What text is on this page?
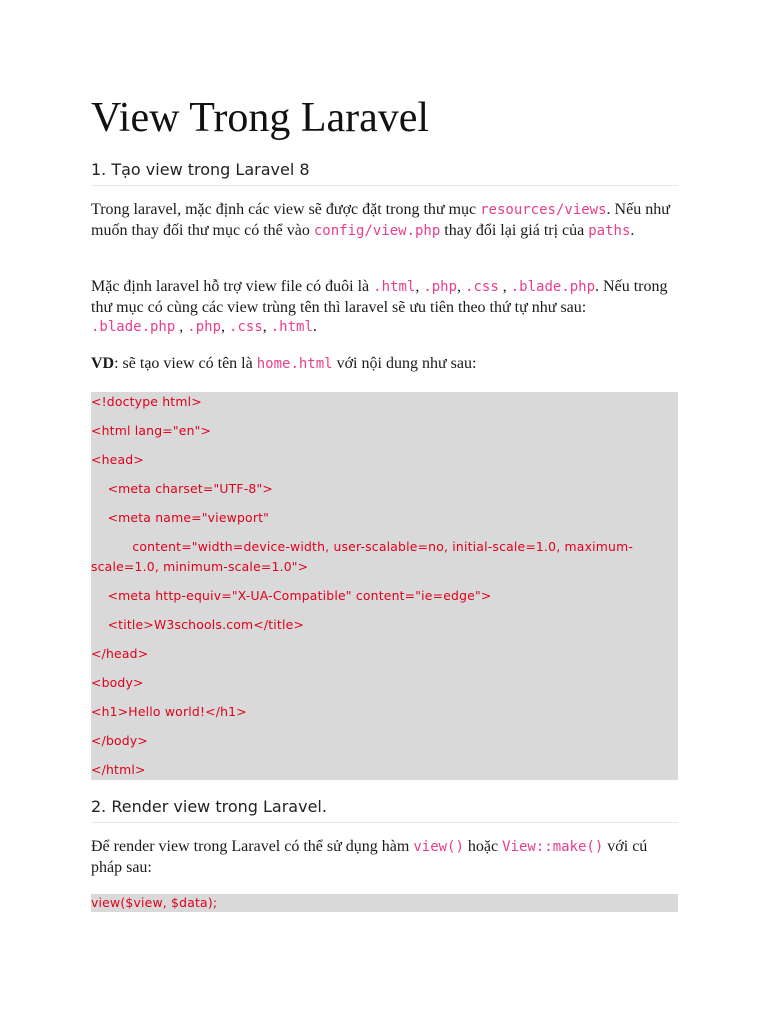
View Trong Laravel
1. Tạo view trong Laravel 8

Trong laravel, mặc định các view sẽ được đặt trong thư mục resources/views. Nếu như muốn thay đối thư mục có thể vào config/view.php thay đổi lại giá trị của paths.

Mặc định laravel hỗ trợ view file có đuôi là .html, .php, .css , .blade.php. Nếu trong thư mục có cùng các view trùng tên thì laravel sẽ ưu tiên theo thứ tự như sau: .blade.php , .php, .css, .html.

VD: sẽ tạo view có tên là home.html với nội dung như sau:

<!doctype html>
<html lang="en">
<head>
<meta charset="UTF-8">
<meta name="viewport"
content="width=device-width, user-scalable=no, initial-scale=1.0, maximum-scale=1.0, minimum-scale=1.0">
<meta http-equiv="X-UA-Compatible" content="ie=edge">
<title>W3schools.com</title>
</head>
<body>
<h1>Hello world!</h1>
</body>
</html>
2. Render view trong Laravel.

Để render view trong Laravel có thể sử dụng hàm view() hoặc View::make() với cú pháp sau:

view($view, $data);
